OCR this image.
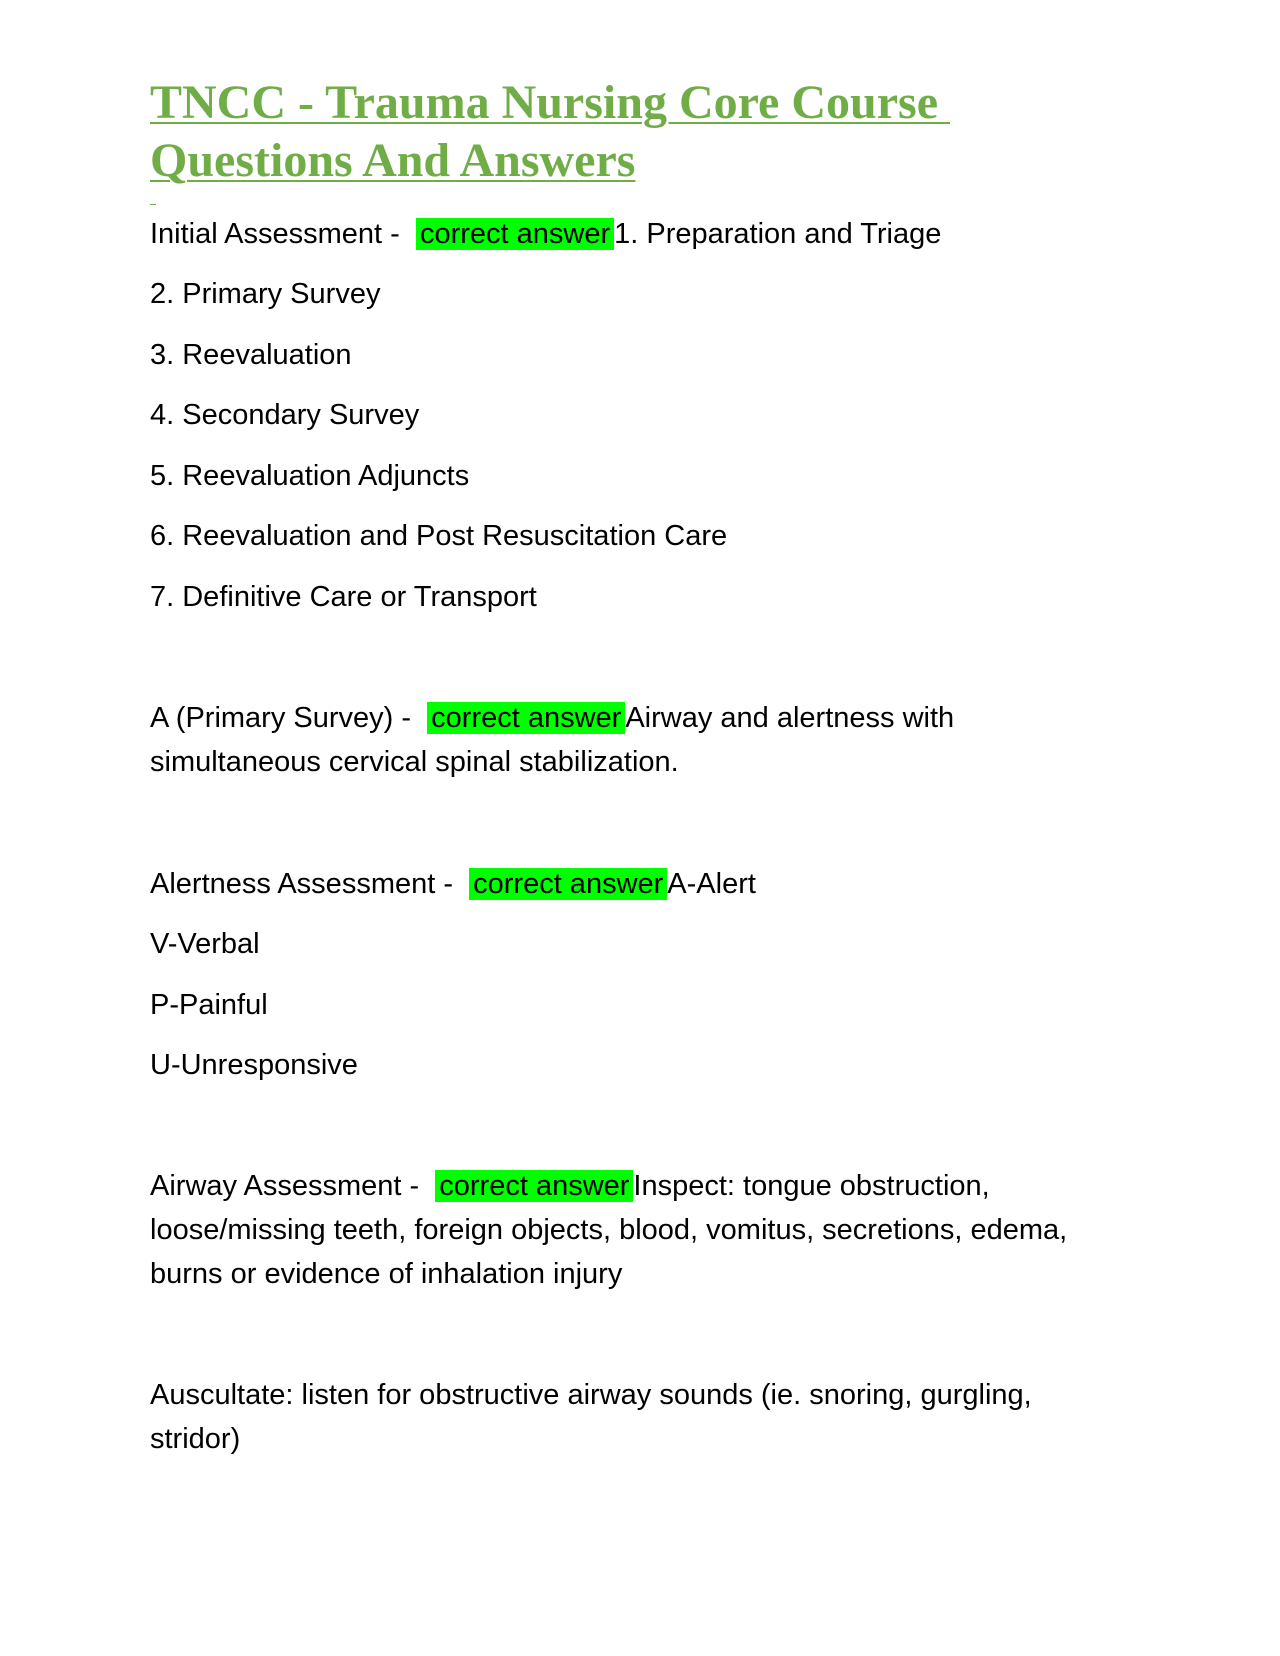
TNCC - Trauma Nursing Core Course
Questions And Answers

Initial Assessment -  correct answer 1. Preparation and Triage

2. Primary Survey

3. Reevaluation

4. Secondary Survey

5. Reevaluation Adjuncts

6. Reevaluation and Post Resuscitation Care

7. Definitive Care or Transport

A (Primary Survey) -  correct answer Airway and alertness with

simultaneous cervical spinal stabilization.

Alertness Assessment -  correct answer A-Alert

V-Verbal

P-Painful

U-Unresponsive

Airway Assessment -  correct answer Inspect: tongue obstruction,

loose/missing teeth, foreign objects, blood, vomitus, secretions, edema,

burns or evidence of inhalation injury

Auscultate: listen for obstructive airway sounds (ie. snoring, gurgling,

stridor)
